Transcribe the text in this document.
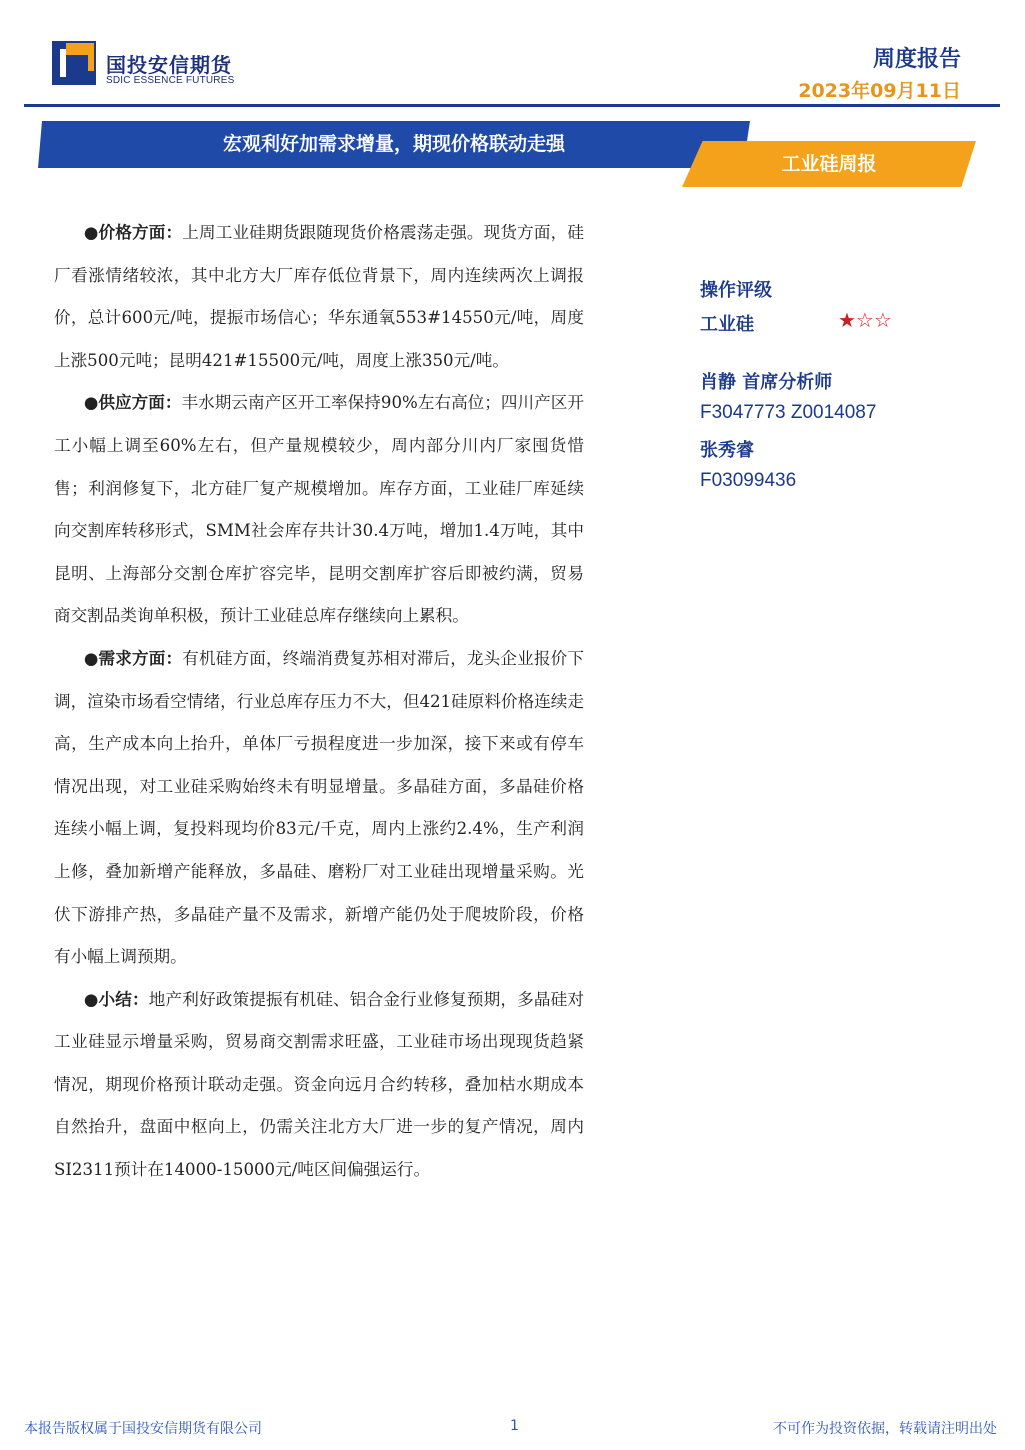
国投安信期货
SDIC ESSENCE FUTURES
周度报告
2023年09月11日
宏观利好加需求增量，期现价格联动走强
工业硅周报

●价格方面：上周工业硅期货跟随现货价格震荡走强。现货方面，硅厂看涨情绪较浓，其中北方大厂库存低位背景下，周内连续两次上调报价，总计600元/吨，提振市场信心；华东通氧553#14550元/吨，周度上涨500元吨；昆明421#15500元/吨，周度上涨350元/吨。

●供应方面：丰水期云南产区开工率保持90%左右高位；四川产区开工小幅上调至60%左右，但产量规模较少，周内部分川内厂家囤货惜售；利润修复下，北方硅厂复产规模增加。库存方面，工业硅厂库延续向交割库转移形式，SMM社会库存共计30.4万吨，增加1.4万吨，其中昆明、上海部分交割仓库扩容完毕，昆明交割库扩容后即被约满，贸易商交割品类询单积极，预计工业硅总库存继续向上累积。

●需求方面：有机硅方面，终端消费复苏相对滞后，龙头企业报价下调，渲染市场看空情绪，行业总库存压力不大，但421硅原料价格连续走高，生产成本向上抬升，单体厂亏损程度进一步加深，接下来或有停车情况出现，对工业硅采购始终未有明显增量。多晶硅方面，多晶硅价格连续小幅上调，复投料现均价83元/千克，周内上涨约2.4%，生产利润上修，叠加新增产能释放，多晶硅、磨粉厂对工业硅出现增量采购。光伏下游排产热，多晶硅产量不及需求，新增产能仍处于爬坡阶段，价格有小幅上调预期。

●小结：地产利好政策提振有机硅、铝合金行业修复预期，多晶硅对工业硅显示增量采购，贸易商交割需求旺盛，工业硅市场出现现货趋紧情况，期现价格预计联动走强。资金向远月合约转移，叠加枯水期成本自然抬升，盘面中枢向上，仍需关注北方大厂进一步的复产情况，周内SI2311预计在14000-15000元/吨区间偏强运行。

操作评级
工业硅	★☆☆
肖静 首席分析师
F3047773 Z0014087
张秀睿
F03099436
本报告版权属于国投安信期货有限公司	1	不可作为投资依据，转载请注明出处
